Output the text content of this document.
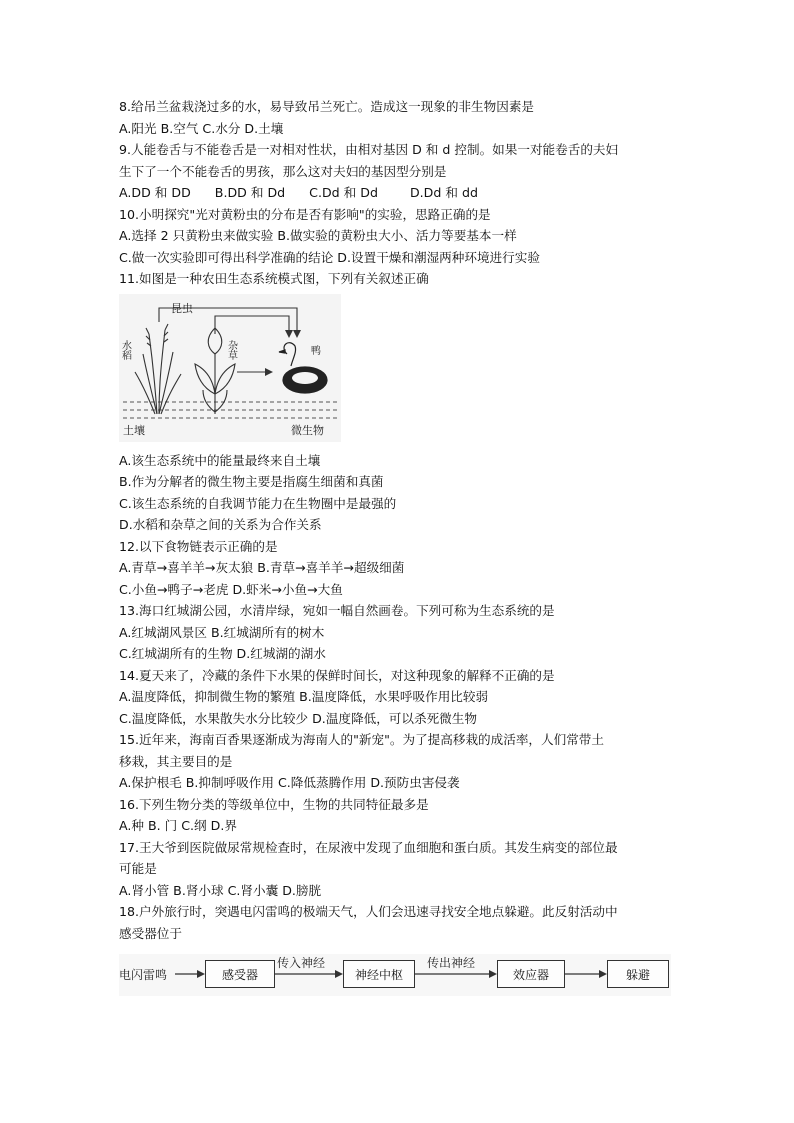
8.给吊兰盆栽浇过多的水，易导致吊兰死亡。造成这一现象的非生物因素是
A.阳光 B.空气 C.水分 D.土壤
9.人能卷舌与不能卷舌是一对相对性状，由相对基因 D 和 d 控制。如果一对能卷舌的夫妇
生下了一个不能卷舌的男孩，那么这对夫妇的基因型分别是
A.DD 和 DD      B.DD 和 Dd      C.Dd 和 Dd        D.Dd 和 dd
10.小明探究"光对黄粉虫的分布是否有影响"的实验，思路正确的是
A.选择 2 只黄粉虫来做实验 B.做实验的黄粉虫大小、活力等要基本一样
C.做一次实验即可得出科学准确的结论 D.设置干燥和潮湿两种环境进行实验
11.如图是一种农田生态系统模式图，下列有关叙述正确
昆虫
水稻	杂草	鸭
土壤	微生物
A.该生态系统中的能量最终来自土壤
B.作为分解者的微生物主要是指腐生细菌和真菌
C.该生态系统的自我调节能力在生物圈中是最强的
D.水稻和杂草之间的关系为合作关系
12.以下食物链表示正确的是
A.青草→喜羊羊→灰太狼 B.青草→喜羊羊→超级细菌
C.小鱼→鸭子→老虎 D.虾米→小鱼→大鱼
13.海口红城湖公园，水清岸绿，宛如一幅自然画卷。下列可称为生态系统的是
A.红城湖风景区 B.红城湖所有的树木
C.红城湖所有的生物 D.红城湖的湖水
14.夏天来了，冷藏的条件下水果的保鲜时间长，对这种现象的解释不正确的是
A.温度降低，抑制微生物的繁殖 B.温度降低，水果呼吸作用比较弱
C.温度降低，水果散失水分比较少 D.温度降低，可以杀死微生物
15.近年来，海南百香果逐渐成为海南人的"新宠"。为了提高移栽的成活率，人们常带土
移栽，其主要目的是
A.保护根毛 B.抑制呼吸作用 C.降低蒸腾作用 D.预防虫害侵袭
16.下列生物分类的等级单位中，生物的共同特征最多是
A.种 B. 门 C.纲 D.界
17.王大爷到医院做尿常规检查时，在尿液中发现了血细胞和蛋白质。其发生病变的部位最
可能是
A.肾小管 B.肾小球 C.肾小囊 D.膀胱
18.户外旅行时，突遇电闪雷鸣的极端天气，人们会迅速寻找安全地点躲避。此反射活动中
感受器位于
电闪雷鸣	感受器
传入神经
神经中枢
传出神经
效应器	躲避
